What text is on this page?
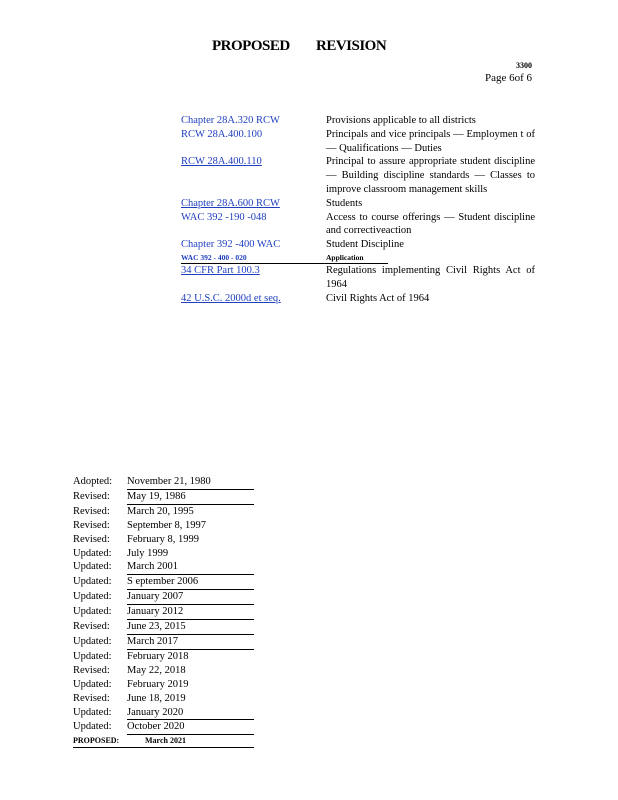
PROPOSED REVISION
3300
Page 6of 6
Chapter 28A.320 RCW	Provisions applicable to all districts
RCW 28A.400.100	Principals and vice principals — Employmen t of — Qualifications — Duties
RCW 28A.400.110	Principal to assure appropriate student discipline — Building discipline standards — Classes to improve classroom management skills
Chapter 28A.600 RCW	Students
WAC 392 -190 -048	Access to course offerings — Student discipline and correctiveaction
Chapter 392 -400 WAC	Student Discipline
WAC 392 - 400 - 020	Application
34 CFR Part 100.3	Regulations implementing Civil Rights Act of 1964
42 U.S.C. 2000d et seq.	Civil Rights Act of 1964
Adopted:	November 21, 1980
Revised:	May 19, 1986
Revised:	March 20, 1995
Revised:	September 8, 1997
Revised:	February 8, 1999
Updated:	July 1999
Updated:	March 2001
Updated:	S eptember 2006
Updated:	January 2007
Updated:	January 2012
Revised:	June 23, 2015
Updated:	March 2017
Updated:	February 2018
Revised:	May 22, 2018
Updated:	February 2019
Revised:	June 18, 2019
Updated:	January 2020
Updated:	October 2020
PROPOSED:	March 2021
